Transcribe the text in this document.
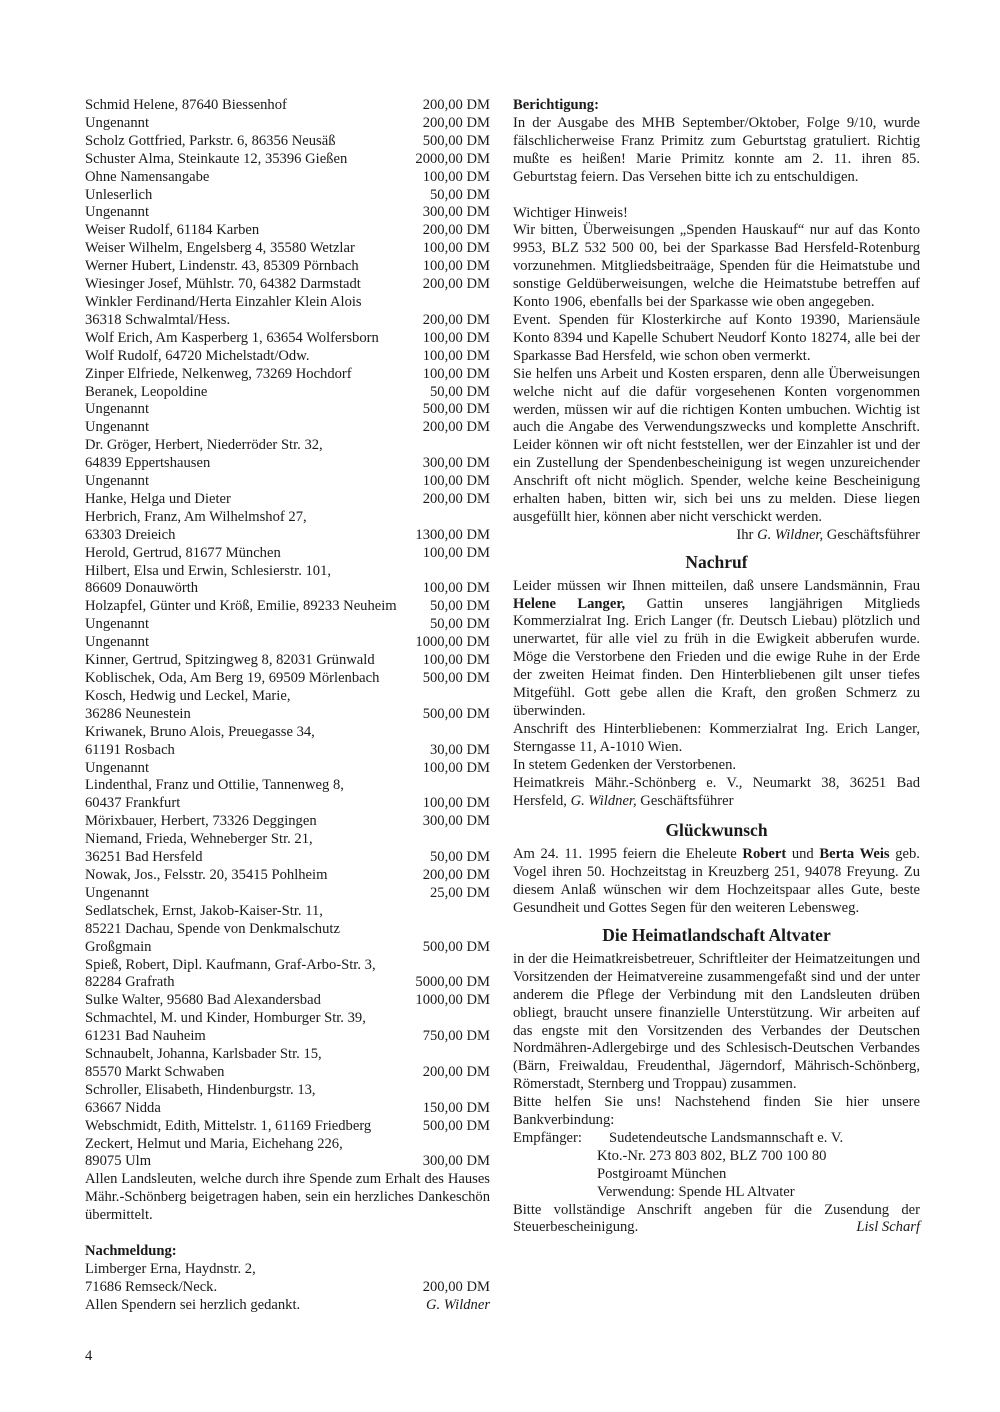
Schmid Helene, 87640 Biessenhof	200,00 DM
Ungenannt	200,00 DM
Scholz Gottfried, Parkstr. 6, 86356 Neusäß	500,00 DM
Schuster Alma, Steinkaute 12, 35396 Gießen	2000,00 DM
Ohne Namensangabe	100,00 DM
Unleserlich	50,00 DM
Ungenannt	300,00 DM
Weiser Rudolf, 61184 Karben	200,00 DM
Weiser Wilhelm, Engelsberg 4, 35580 Wetzlar	100,00 DM
Werner Hubert, Lindenstr. 43, 85309 Pörnbach	100,00 DM
Wiesinger Josef, Mühlstr. 70, 64382 Darmstadt	200,00 DM
Winkler Ferdinand/Herta Einzahler Klein Alois
36318 Schwalmtal/Hess.	200,00 DM
Wolf Erich, Am Kasperberg 1, 63654 Wolfersborn	100,00 DM
Wolf Rudolf, 64720 Michelstadt/Odw.	100,00 DM
Zinper Elfriede, Nelkenweg, 73269 Hochdorf	100,00 DM
Beranek, Leopoldine	50,00 DM
Ungenannt	500,00 DM
Ungenannt	200,00 DM
Dr. Gröger, Herbert, Niederröder Str. 32,
64839 Eppertshausen	300,00 DM
Ungenannt	100,00 DM
Hanke, Helga und Dieter	200,00 DM
Herbrich, Franz, Am Wilhelmshof 27,
63303 Dreieich	1300,00 DM
Herold, Gertrud, 81677 München	100,00 DM
Hilbert, Elsa und Erwin, Schlesierstr. 101,
86609 Donauwörth	100,00 DM
Holzapfel, Günter und Kröß, Emilie, 89233 Neuheim	50,00 DM
Ungenannt	50,00 DM
Ungenannt	1000,00 DM
Kinner, Gertrud, Spitzingweg 8, 82031 Grünwald	100,00 DM
Koblischek, Oda, Am Berg 19, 69509 Mörlenbach	500,00 DM
Kosch, Hedwig und Leckel, Marie,
36286 Neunestein	500,00 DM
Kriwanek, Bruno Alois, Preuegasse 34,
61191 Rosbach	30,00 DM
Ungenannt	100,00 DM
Lindenthal, Franz und Ottilie, Tannenweg 8,
60437 Frankfurt	100,00 DM
Mörixbauer, Herbert, 73326 Deggingen	300,00 DM
Niemand, Frieda, Wehneberger Str. 21,
36251 Bad Hersfeld	50,00 DM
Nowak, Jos., Felsstr. 20, 35415 Pohlheim	200,00 DM
Ungenannt	25,00 DM
Sedlatschek, Ernst, Jakob-Kaiser-Str. 11,
85221 Dachau, Spende von Denkmalschutz
Großgmain	500,00 DM
Spieß, Robert, Dipl. Kaufmann, Graf-Arbo-Str. 3,
82284 Grafrath	5000,00 DM
Sulke Walter, 95680 Bad Alexandersbad	1000,00 DM
Schmachtel, M. und Kinder, Homburger Str. 39,
61231 Bad Nauheim	750,00 DM
Schnaubelt, Johanna, Karlsbader Str. 15,
85570 Markt Schwaben	200,00 DM
Schroller, Elisabeth, Hindenburgstr. 13,
63667 Nidda	150,00 DM
Webschmidt, Edith, Mittelstr. 1, 61169 Friedberg	500,00 DM
Zeckert, Helmut und Maria, Eichehang 226,
89075 Ulm	300,00 DM

Allen Landsleuten, welche durch ihre Spende zum Erhalt des Hauses Mähr.-Schönberg beigetragen haben, sein ein herzliches Dankeschön übermittelt.

Nachmeldung:
Limberger Erna, Haydnstr. 2,
71686 Remseck/Neck.	200,00 DM
Allen Spendern sei herzlich gedankt.	G. Wildner
Berichtigung:

In der Ausgabe des MHB September/Oktober, Folge 9/10, wurde fälschlicherweise Franz Primitz zum Geburtstag gratuliert. Richtig mußte es heißen! Marie Primitz konnte am 2. 11. ihren 85. Geburtstag feiern. Das Versehen bitte ich zu entschuldigen.

Wichtiger Hinweis!

Wir bitten, Überweisungen „Spenden Hauskauf“ nur auf das Konto 9953, BLZ 532 500 00, bei der Sparkasse Bad Hersfeld-Rotenburg vorzunehmen. Mitgliedsbeitraäge, Spenden für die Heimatstube und sonstige Geldüberweisungen, welche die Heimatstube betreffen auf Konto 1906, ebenfalls bei der Sparkasse wie oben angegeben.

Event. Spenden für Klosterkirche auf Konto 19390, Mariensäule Konto 8394 und Kapelle Schubert Neudorf Konto 18274, alle bei der Sparkasse Bad Hersfeld, wie schon oben vermerkt.

Sie helfen uns Arbeit und Kosten ersparen, denn alle Überweisungen welche nicht auf die dafür vorgesehenen Konten vorgenommen werden, müssen wir auf die richtigen Konten umbuchen. Wichtig ist auch die Angabe des Verwendungszwecks und komplette Anschrift. Leider können wir oft nicht feststellen, wer der Einzahler ist und der ein Zustellung der Spendenbescheinigung ist wegen unzureichender Anschrift oft nicht möglich. Spender, welche keine Bescheinigung erhalten haben, bitten wir, sich bei uns zu melden. Diese liegen ausgefüllt hier, können aber nicht verschickt werden.

Ihr G. Wildner, Geschäftsführer
Nachruf

Leider müssen wir Ihnen mitteilen, daß unsere Landsmännin, Frau Helene Langer, Gattin unseres langjährigen Mitglieds Kommerzialrat Ing. Erich Langer (fr. Deutsch Liebau) plötzlich und unerwartet, für alle viel zu früh in die Ewigkeit abberufen wurde. Möge die Verstorbene den Frieden und die ewige Ruhe in der Erde der zweiten Heimat finden. Den Hinterbliebenen gilt unser tiefes Mitgefühl. Gott gebe allen die Kraft, den großen Schmerz zu überwinden.

Anschrift des Hinterbliebenen: Kommerzialrat Ing. Erich Langer, Sterngasse 11, A-1010 Wien.

In stetem Gedenken der Verstorbenen.

Heimatkreis Mähr.-Schönberg e. V., Neumarkt 38, 36251 Bad Hersfeld, G. Wildner, Geschäftsführer

Glückwunsch

Am 24. 11. 1995 feiern die Eheleute Robert und Berta Weis geb. Vogel ihren 50. Hochzeitstag in Kreuzberg 251, 94078 Freyung. Zu diesem Anlaß wünschen wir dem Hochzeitspaar alles Gute, beste Gesundheit und Gottes Segen für den weiteren Lebensweg.

Die Heimatlandschaft Altvater

in der die Heimatkreisbetreuer, Schriftleiter der Heimatzeitungen und Vorsitzenden der Heimatvereine zusammengefaßt sind und der unter anderem die Pflege der Verbindung mit den Landsleuten drüben obliegt, braucht unsere finanzielle Unterstützung. Wir arbeiten auf das engste mit den Vorsitzenden des Verbandes der Deutschen Nordmähren-Adlergebirge und des Schlesisch-Deutschen Verbandes (Bärn, Freiwaldau, Freudenthal, Jägerndorf, Mährisch-Schönberg, Römerstadt, Sternberg und Troppau) zusammen.

Bitte helfen Sie uns! Nachstehend finden Sie hier unsere Bankverbindung:

Empfänger:	Sudetendeutsche Landsmannschaft e. V.
Kto.-Nr. 273 803 802, BLZ 700 100 80
Postgiroamt München
Verwendung: Spende HL Altvater

Bitte vollständige Anschrift angeben für die Zusendung der Steuerbescheinigung.	Lisl Scharf

4
